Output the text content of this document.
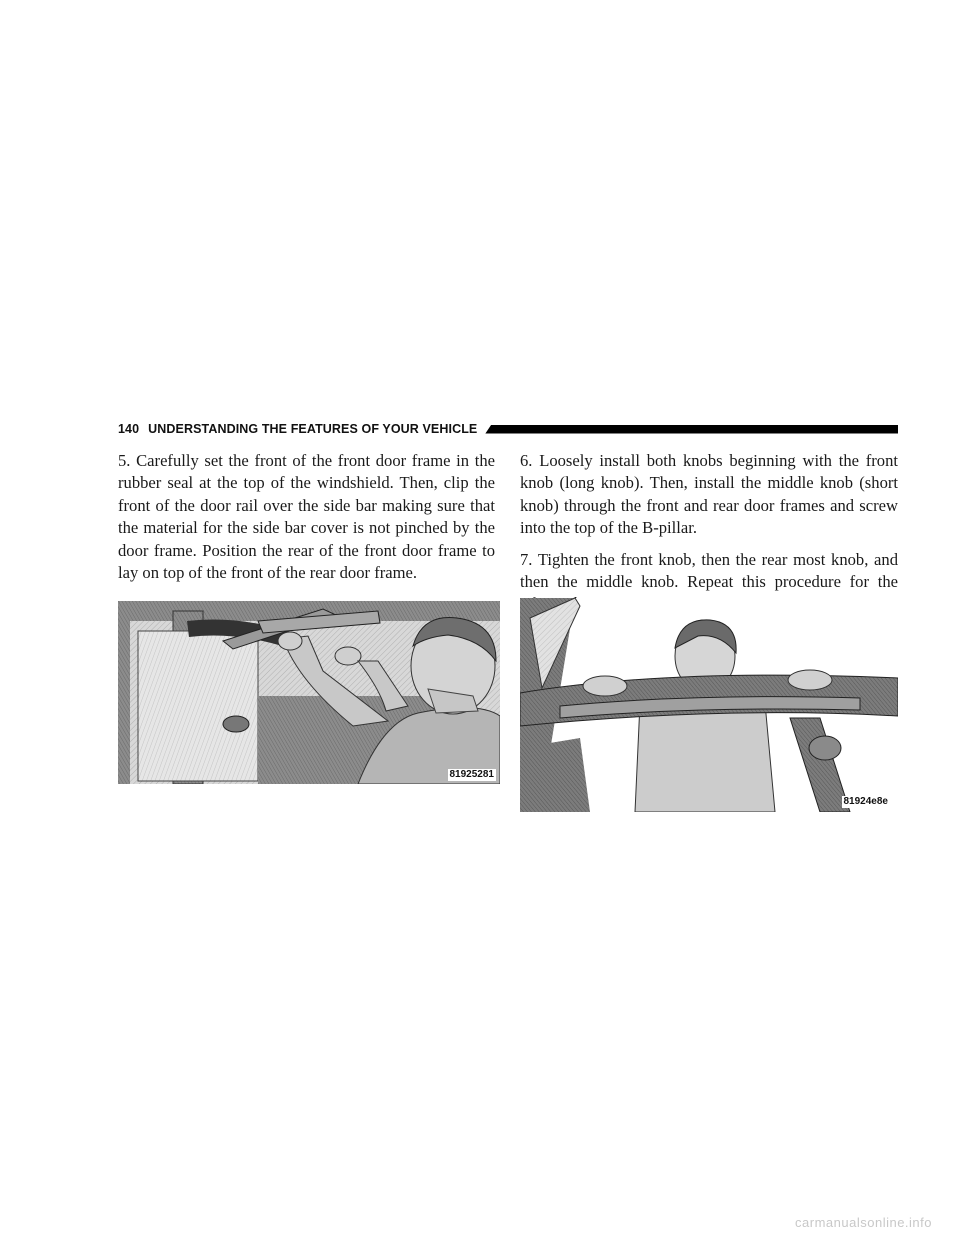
140 UNDERSTANDING THE FEATURES OF YOUR VEHICLE

5. Carefully set the front of the front door frame in the rubber seal at the top of the windshield. Then, clip the front of the door rail over the side bar making sure that the material for the side bar cover is not pinched by the door frame. Position the rear of the front door frame to lay on top of the front of the rear door frame.

6. Loosely install both knobs beginning with the front knob (long knob). Then, install the middle knob (short knob) through the front and rear door frames and screw into the top of the B-pillar.

7. Tighten the front knob, then the rear most knob, and then the middle knob. Repeat this procedure for the

81925281
81924e8e
carmanualsonline.info
